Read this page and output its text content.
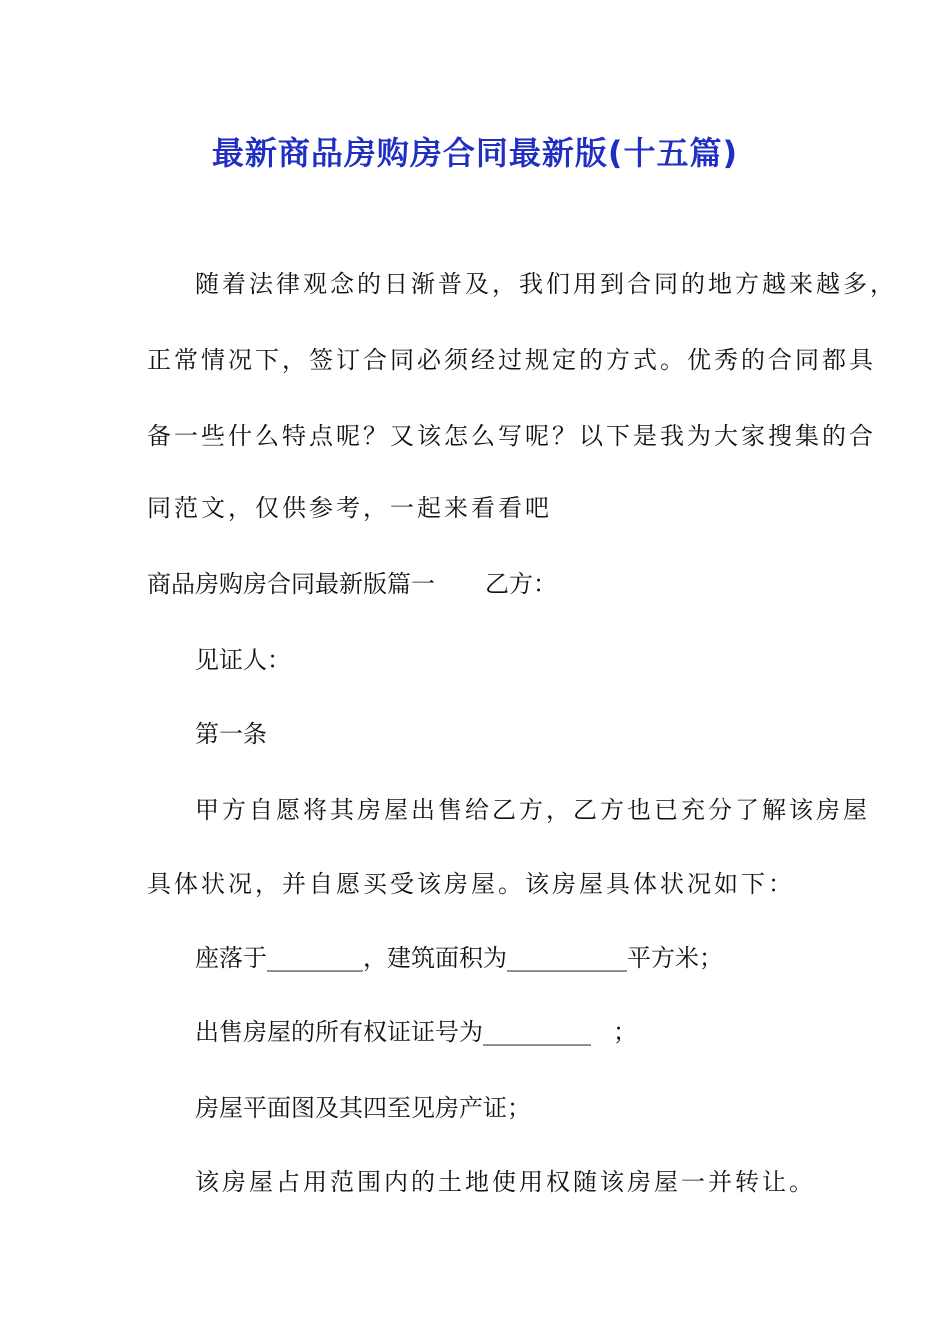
最新商品房购房合同最新版(十五篇)
随着法律观念的日渐普及，我们用到合同的地方越来越多，
正常情况下，签订合同必须经过规定的方式。优秀的合同都具
备一些什么特点呢？又该怎么写呢？以下是我为大家搜集的合
同范文，仅供参考，一起来看看吧
商品房购房合同最新版篇一 乙方：
见证人：
第一条
甲方自愿将其房屋出售给乙方，乙方也已充分了解该房屋
具体状况，并自愿买受该房屋。该房屋具体状况如下：
座落于________，建筑面积为__________平方米；
出售房屋的所有权证证号为_________ ；
房屋平面图及其四至见房产证；
该房屋占用范围内的土地使用权随该房屋一并转让。
